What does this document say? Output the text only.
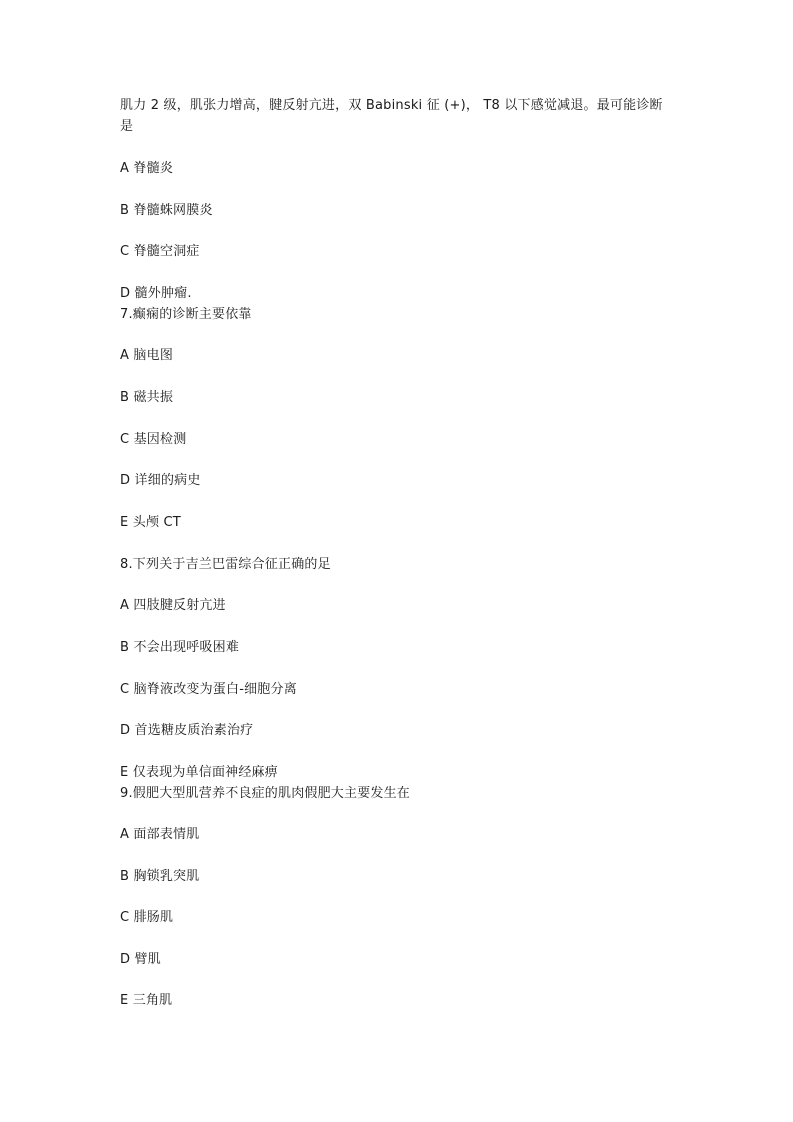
肌力 2 级，肌张力增高，腱反射亢进，双 Babinski 征 (+)， T8 以下感觉减退。最可能诊断
是
A 脊髓炎
B 脊髓蛛网膜炎
C 脊髓空洞症
D 髓外肿瘤.
7.癫痫的诊断主要依靠
A 脑电图
B 磁共振
C 基因检测
D 详细的病史
E 头颅 CT
8.下列关于吉兰巴雷综合征正确的足
A 四肢腱反射亢进
B 不会出现呼吸困难
C 脑脊液改变为蛋白-细胞分离
D 首选糖皮质治素治疗
E 仅表现为单信面神经麻痹
9.假肥大型肌营养不良症的肌肉假肥大主要发生在
A 面部表情肌
B 胸锁乳突肌
C 腓肠肌
D 臂肌
E 三角肌
